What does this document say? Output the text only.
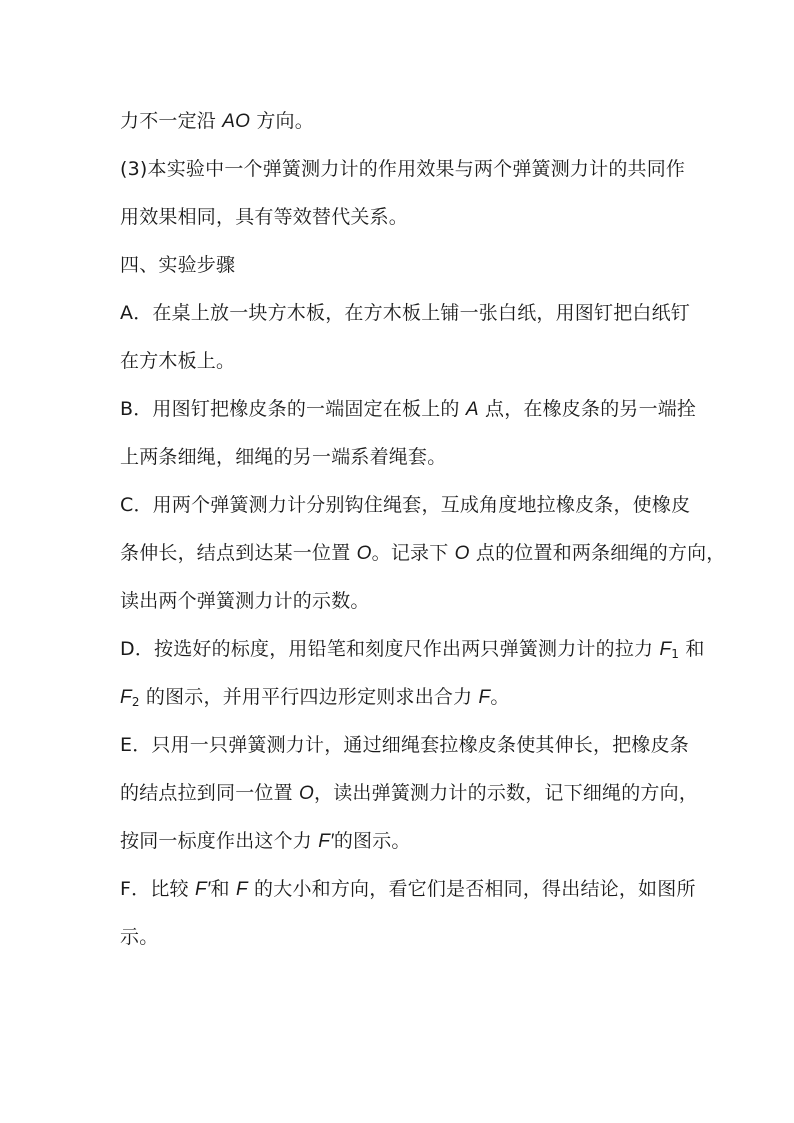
力不一定沿 AO 方向。
(3)本实验中一个弹簧测力计的作用效果与两个弹簧测力计的共同作
用效果相同，具有等效替代关系。
四、实验步骤
A．在桌上放一块方木板，在方木板上铺一张白纸，用图钉把白纸钉
在方木板上。
B．用图钉把橡皮条的一端固定在板上的 A 点，在橡皮条的另一端拴
上两条细绳，细绳的另一端系着绳套。
C．用两个弹簧测力计分别钩住绳套，互成角度地拉橡皮条，使橡皮
条伸长，结点到达某一位置 O。记录下 O 点的位置和两条细绳的方向，
读出两个弹簧测力计的示数。
D．按选好的标度，用铅笔和刻度尺作出两只弹簧测力计的拉力 $F_1$ 和
$F_2$ 的图示，并用平行四边形定则求出合力 F。
E．只用一只弹簧测力计，通过细绳套拉橡皮条使其伸长，把橡皮条
的结点拉到同一位置 O，读出弹簧测力计的示数，记下细绳的方向，
按同一标度作出这个力 F′的图示。
F．比较 F′和 F 的大小和方向，看它们是否相同，得出结论，如图所
示。
